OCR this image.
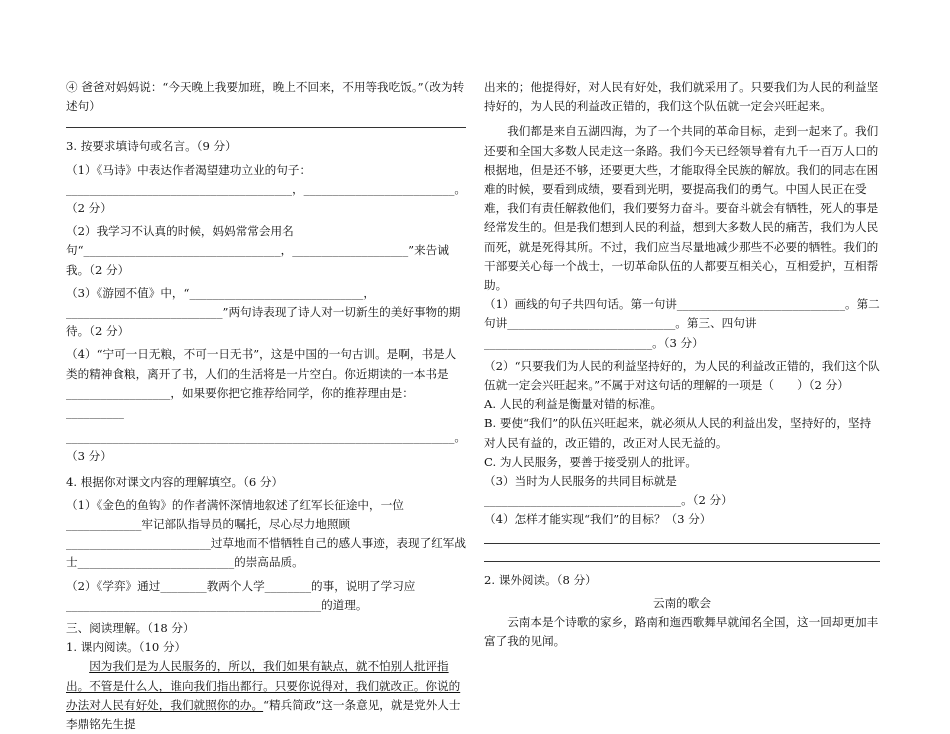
④ 爸爸对妈妈说：“今天晚上我要加班，晚上不回来，不用等我吃饭。”（改为转述句）

3. 按要求填诗句或名言。（9 分）

（1）《马诗》中表达作者渴望建功立业的句子：_______________________________________，__________________________。（2 分）

（2）我学习不认真的时候，妈妈常常会用名句“__________________________________，____________________”来告诫我。（2 分）

（3）《游园不值》中，“______________________________，___________________________”两句诗表现了诗人对一切新生的美好事物的期待。（2 分）

（4）“宁可一日无粮，不可一日无书”，这是中国的一句古训。是啊，书是人类的精神食粮，离开了书，人们的生活将是一片空白。你近期读的一本书是__________________，如果要你把它推荐给同学，你的推荐理由是：__________

___________________________________________________________________。（3 分）

4. 根据你对课文内容的理解填空。（6 分）

（1）《金色的鱼钩》的作者满怀深情地叙述了红军长征途中，一位_____________牢记部队指导员的嘱托，尽心尽力地照顾_________________________过草地而不惜牺牲自己的感人事迹，表现了红军战士___________________________的崇高品质。

（2）《学弈》通过________教两个人学________的事，说明了学习应____________________________________________的道理。

三、阅读理解。（18 分）

1. 课内阅读。（10 分）

因为我们是为人民服务的，所以，我们如果有缺点，就不怕别人批评指出。不管是什么人，谁向我们指出都行。只要你说得对，我们就改正。你说的办法对人民有好处，我们就照你的办。“精兵简政”这一条意见，就是党外人士李鼎铭先生提

出来的；他提得好，对人民有好处，我们就采用了。只要我们为人民的利益坚持好的，为人民的利益改正错的，我们这个队伍就一定会兴旺起来。

我们都是来自五湖四海，为了一个共同的革命目标，走到一起来了。我们还要和全国大多数人民走这一条路。我们今天已经领导着有九千一百万人口的根据地，但是还不够，还要更大些，才能取得全民族的解放。我们的同志在困难的时候，要看到成绩，要看到光明，要提高我们的勇气。中国人民正在受难，我们有责任解救他们，我们要努力奋斗。要奋斗就会有牺牲，死人的事是经常发生的。但是我们想到人民的利益，想到大多数人民的痛苦，我们为人民而死，就是死得其所。不过，我们应当尽量地减少那些不必要的牺牲。我们的干部要关心每一个战士，一切革命队伍的人都要互相关心，互相爱护，互相帮助。

（1）画线的句子共四句话。第一句讲_____________________________。第二句讲_____________________________。第三、四句讲_____________________________。（3 分）

（2）“只要我们为人民的利益坚持好的，为人民的利益改正错的，我们这个队伍就一定会兴旺起来。”不属于对这句话的理解的一项是（　　）（2 分）

A. 人民的利益是衡量对错的标准。

B. 要使“我们”的队伍兴旺起来，就必须从人民的利益出发，坚持好的，坚持对人民有益的，改正错的，改正对人民无益的。

C. 为人民服务，要善于接受别人的批评。

（3）当时为人民服务的共同目标就是__________________________________。（2 分）

（4）怎样才能实现“我们”的目标？（3 分）

2. 课外阅读。（8 分）

云南的歌会

云南本是个诗歌的家乡，路南和迤西歌舞早就闻名全国，这一回却更加丰富了我的见闻。
